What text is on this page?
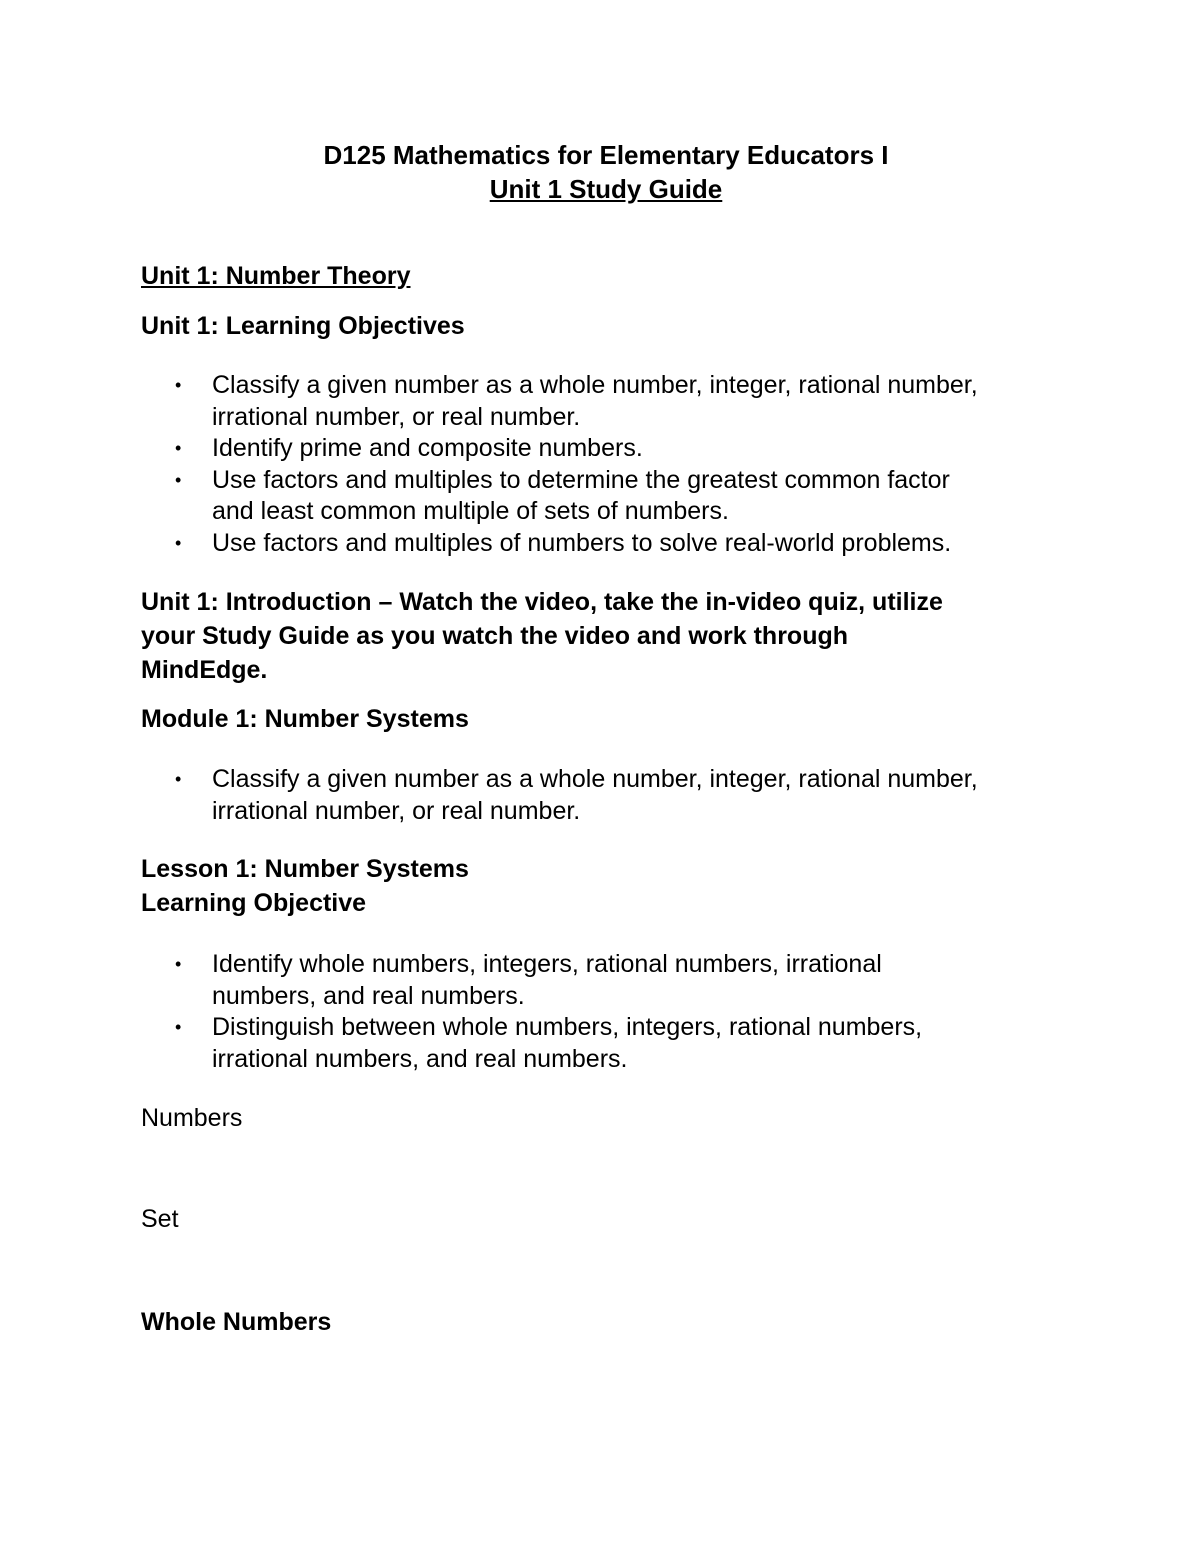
D125 Mathematics for Elementary Educators I
Unit 1 Study Guide

Unit 1: Number Theory

Unit 1: Learning Objectives

• Classify a given number as a whole number, integer, rational number,
irrational number, or real number.
• Identify prime and composite numbers.
• Use factors and multiples to determine the greatest common factor
and least common multiple of sets of numbers.
• Use factors and multiples of numbers to solve real-world problems.

Unit 1: Introduction – Watch the video, take the in-video quiz, utilize
your Study Guide as you watch the video and work through
MindEdge.

Module 1: Number Systems

• Classify a given number as a whole number, integer, rational number,
irrational number, or real number.

Lesson 1: Number Systems

Learning Objective

• Identify whole numbers, integers, rational numbers, irrational
numbers, and real numbers.
• Distinguish between whole numbers, integers, rational numbers,
irrational numbers, and real numbers.

Numbers

Set

Whole Numbers
